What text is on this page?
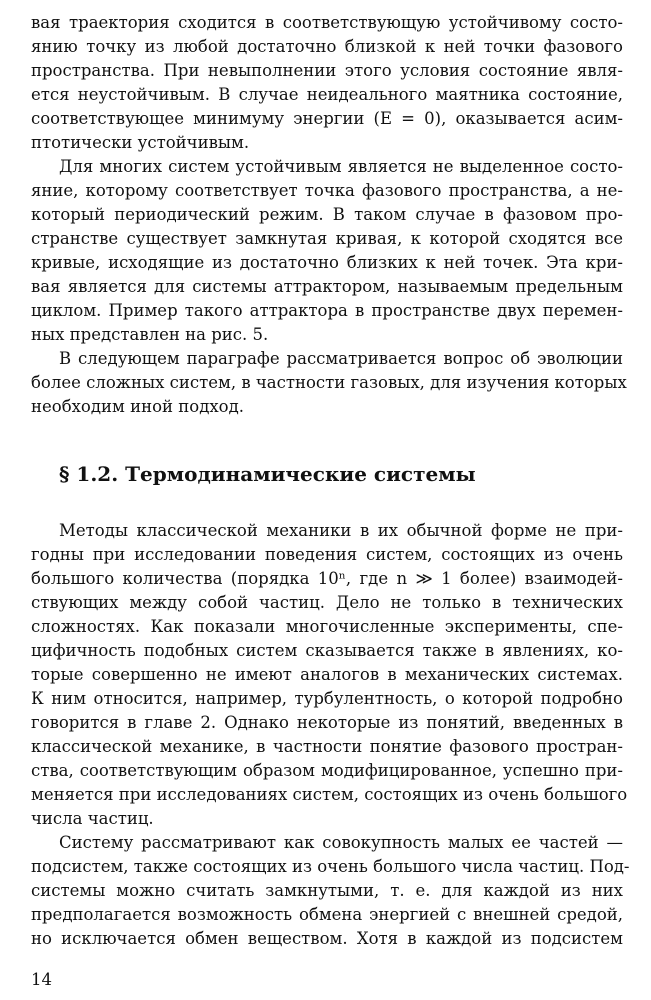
вая траектория сходится в соответствующую устойчивому состо-
янию точку из любой достаточно близкой к ней точки фазового
пространства. При невыполнении этого условия состояние явля-
ется неустойчивым. В случае неидеального маятника состояние,
соответствующее минимуму энергии (E = 0), оказывается асим-
птотически устойчивым.
Для многих систем устойчивым является не выделенное состо-
яние, которому соответствует точка фазового пространства, а не-
который периодический режим. В таком случае в фазовом про-
странстве существует замкнутая кривая, к которой сходятся все
кривые, исходящие из достаточно близких к ней точек. Эта кри-
вая является для системы аттрактором, называемым предельным
циклом. Пример такого аттрактора в пространстве двух перемен-
ных представлен на рис. 5.
В следующем параграфе рассматривается вопрос об эволюции
более сложных систем, в частности газовых, для изучения которых
необходим иной подход.
§ 1.2. Термодинамические системы
Методы классической механики в их обычной форме не при-
годны при исследовании поведения систем, состоящих из очень
большого количества (порядка 10ⁿ, где n ≫ 1 более) взаимодей-
ствующих между собой частиц. Дело не только в технических
сложностях. Как показали многочисленные эксперименты, спе-
цифичность подобных систем сказывается также в явлениях, ко-
торые совершенно не имеют аналогов в механических системах.
К ним относится, например, турбулентность, о которой подробно
говорится в главе 2. Однако некоторые из понятий, введенных в
классической механике, в частности понятие фазового простран-
ства, соответствующим образом модифицированное, успешно при-
меняется при исследованиях систем, состоящих из очень большого
числа частиц.
Систему рассматривают как совокупность малых ее частей —
подсистем, также состоящих из очень большого числа частиц. Под-
системы можно считать замкнутыми, т. е. для каждой из них
предполагается возможность обмена энергией с внешней средой,
но исключается обмен веществом. Хотя в каждой из подсистем
14
